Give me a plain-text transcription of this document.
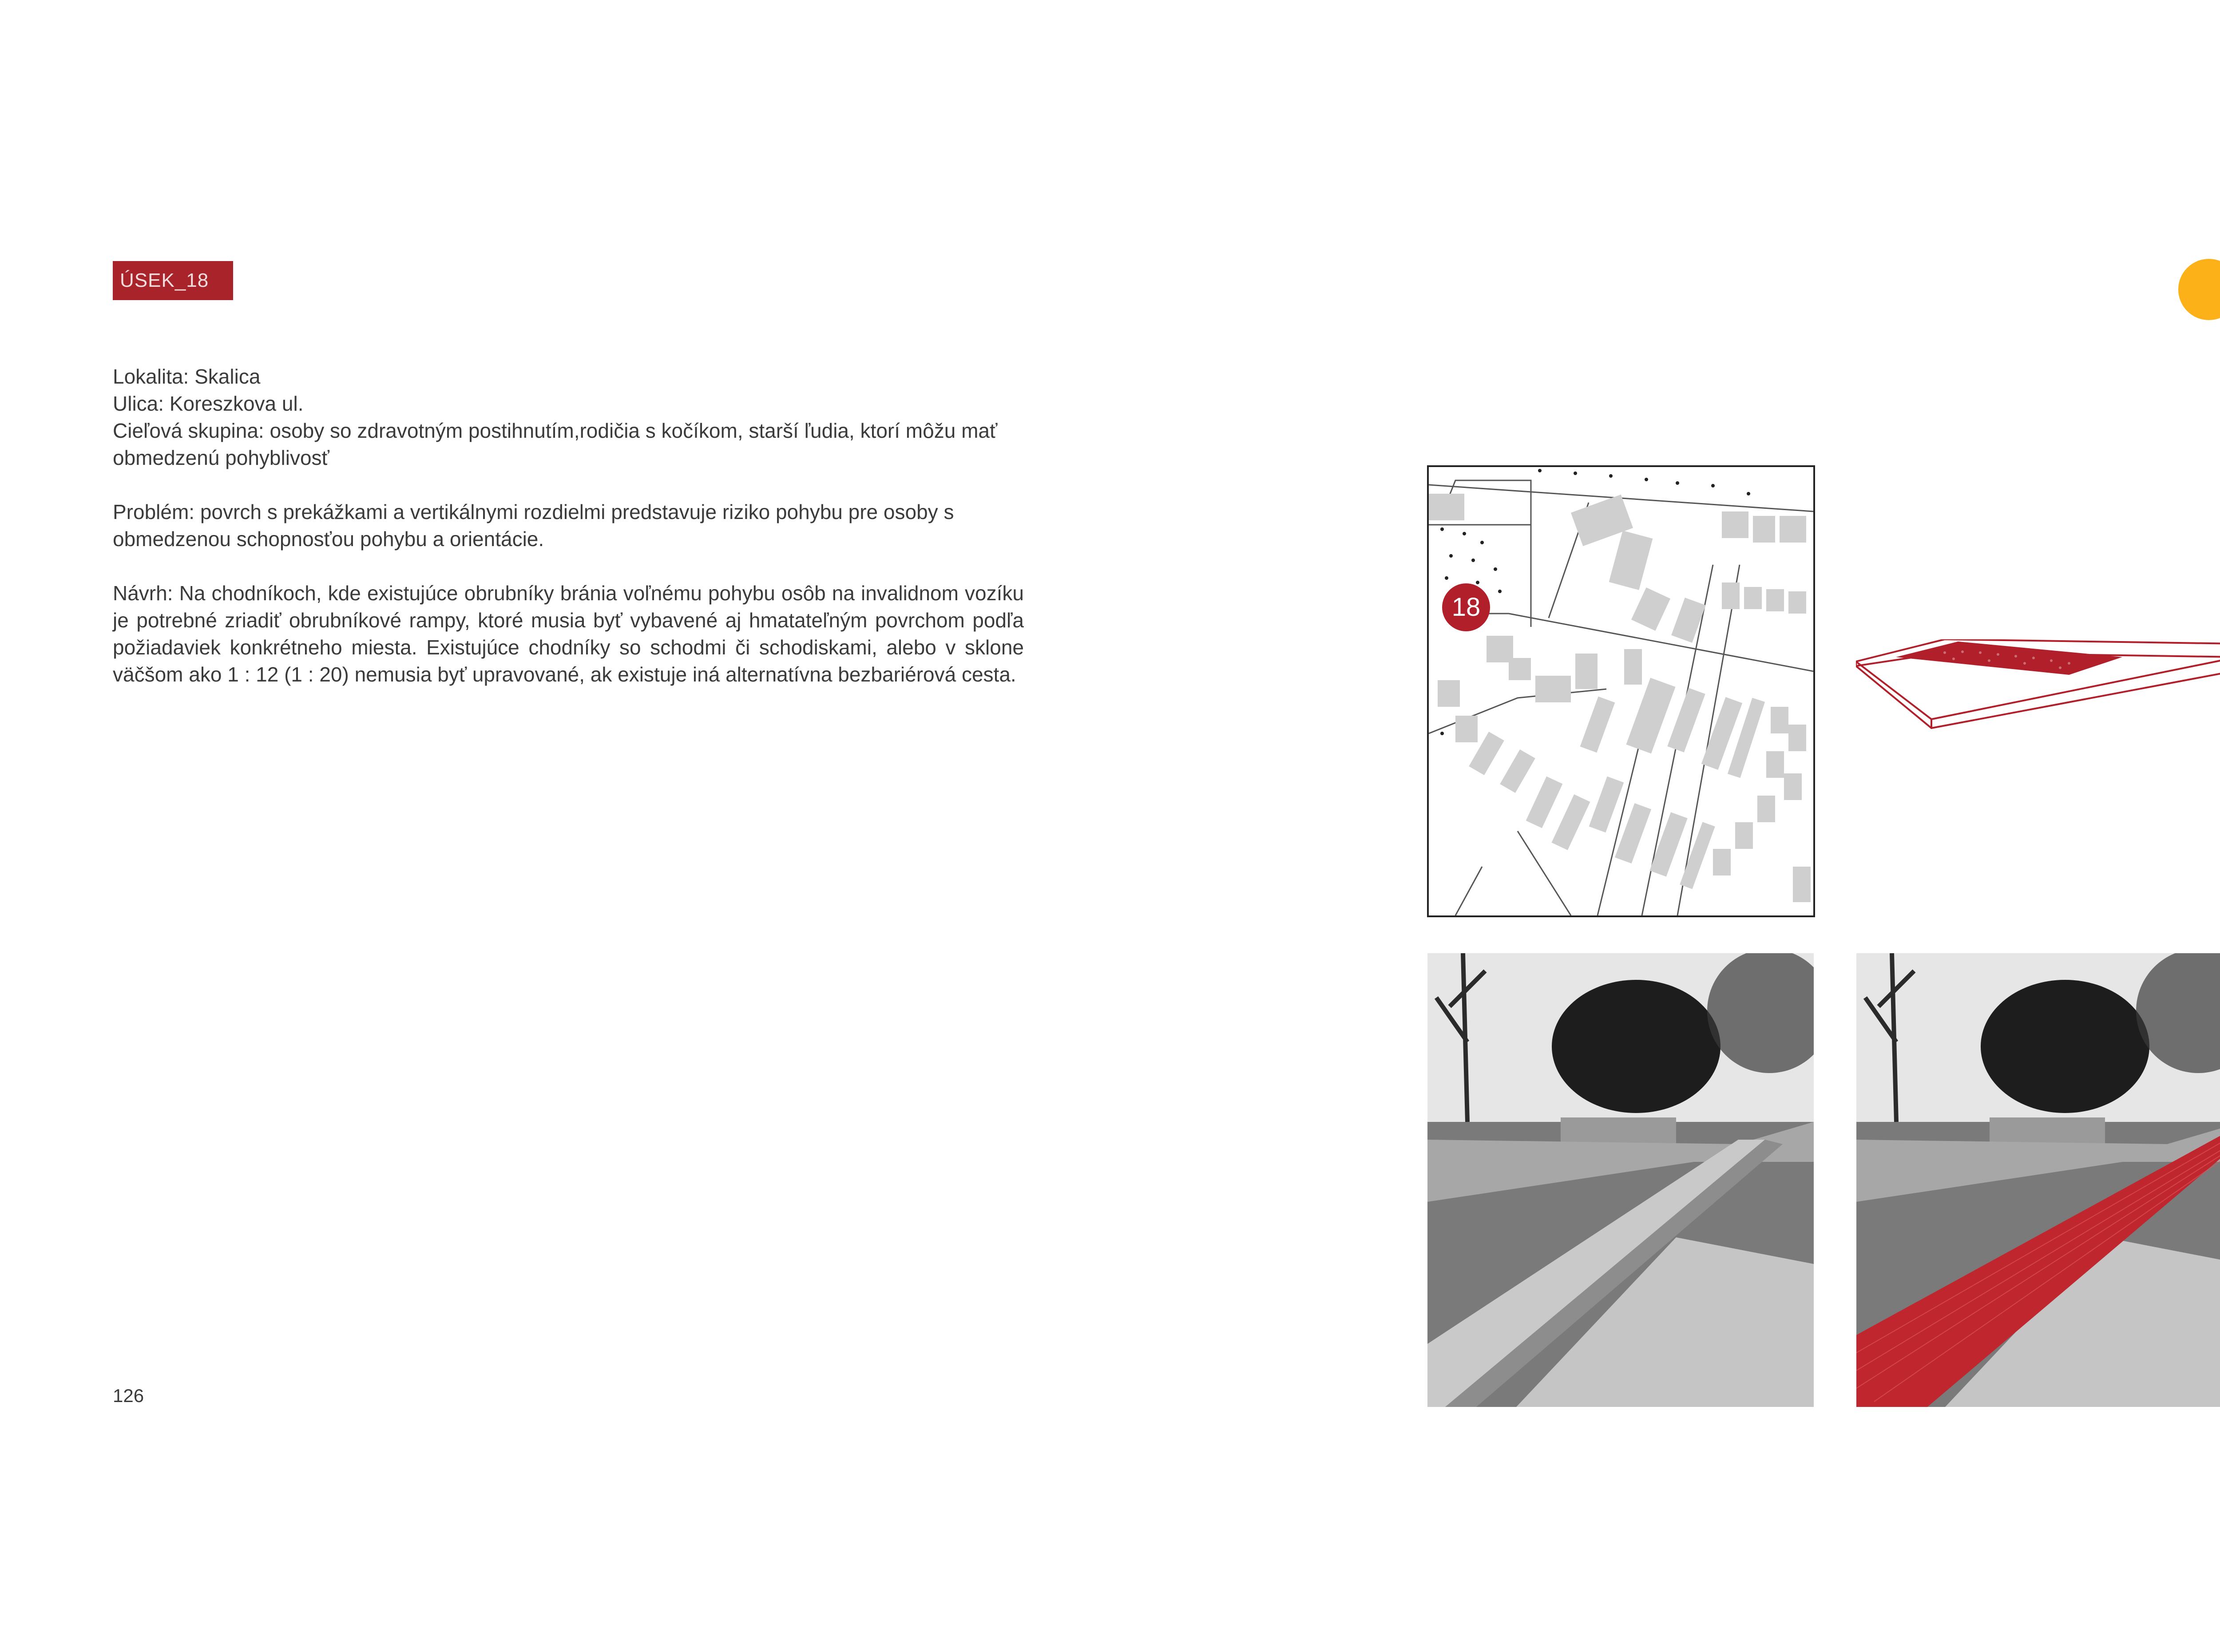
ÚSEK_18

Lokalita: Skalica

Ulica: Koreszkova ul.

Cieľová skupina: osoby so zdravotným postihnutím,rodičia s kočíkom, starší ľudia, ktorí môžu mať obmedzenú pohyblivosť

Problém: povrch s prekážkami a vertikálnymi rozdielmi predstavuje riziko pohybu pre osoby s obmedzenou schopnosťou pohybu a orientácie.

Návrh: Na chodníkoch, kde existujúce obrubníky bránia voľnému pohybu osôb na invalidnom vozíku je potrebné zriadiť obrubníkové rampy, ktoré musia byť vybavené aj hmatateľným povrchom podľa požiadaviek konkrétneho miesta. Existujúce chodníky so schodmi či schodiskami, alebo v sklone väčšom ako 1 : 12 (1 : 20) nemusia byť upravované, ak existuje iná alternatívna bezbariérová cesta.

126
18
